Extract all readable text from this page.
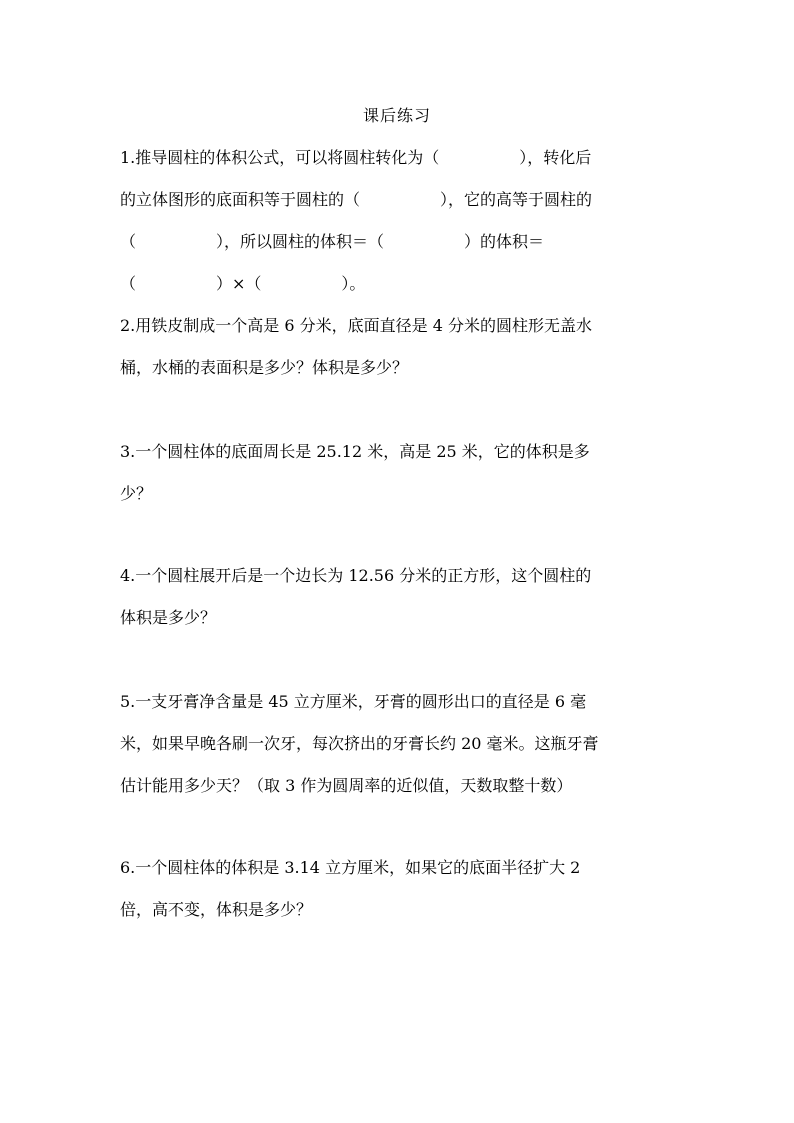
课后练习
1.推导圆柱的体积公式，可以将圆柱转化为（　　　　　），转化后
的立体图形的底面积等于圆柱的（　　　　　），它的高等于圆柱的
（　　　　　），所以圆柱的体积＝（　　　　　）的体积＝
（　　　　　）×（　　　　　）。
2.用铁皮制成一个高是 6 分米，底面直径是 4 分米的圆柱形无盖水
桶，水桶的表面积是多少？体积是多少？
3.一个圆柱体的底面周长是 25.12 米，高是 25 米，它的体积是多
少？
4.一个圆柱展开后是一个边长为 12.56 分米的正方形，这个圆柱的
体积是多少？
5.一支牙膏净含量是 45 立方厘米，牙膏的圆形出口的直径是 6 毫
米，如果早晚各刷一次牙，每次挤出的牙膏长约 20 毫米。这瓶牙膏
估计能用多少天？（取 3 作为圆周率的近似值，天数取整十数）
6.一个圆柱体的体积是 3.14 立方厘米，如果它的底面半径扩大 2
倍，高不变，体积是多少？
